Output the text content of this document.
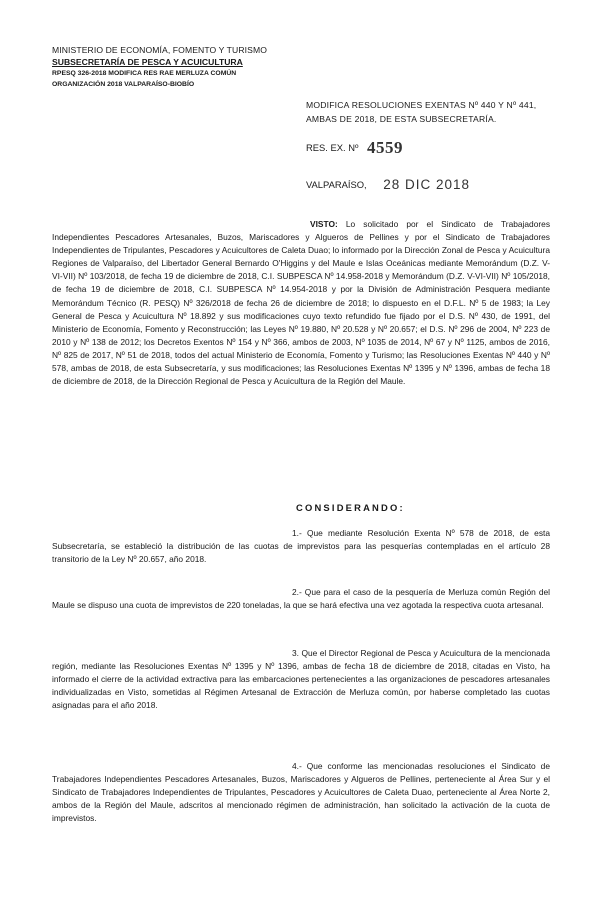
MINISTERIO DE ECONOMÍA, FOMENTO Y TURISMO
SUBSECRETARÍA DE PESCA Y ACUICULTURA
RPESQ 326-2018 MODIFICA RES RAE MERLUZA COMÚN
ORGANIZACIÓN 2018 VALPARAÍSO-BIOBÍO
MODIFICA RESOLUCIONES EXENTAS Nº 440 Y Nº 441, AMBAS DE 2018, DE ESTA SUBSECRETARÍA.
RES. EX. Nº 4559
VALPARAÍSO, 28 DIC 2018
VISTO: Lo solicitado por el Sindicato de Trabajadores Independientes Pescadores Artesanales, Buzos, Mariscadores y Algueros de Pellines y por el Sindicato de Trabajadores Independientes de Tripulantes, Pescadores y Acuicultores de Caleta Duao; lo informado por la Dirección Zonal de Pesca y Acuicultura Regiones de Valparaíso, del Libertador General Bernardo O'Higgins y del Maule e Islas Oceánicas mediante Memorándum (D.Z. V-VI-VII) Nº 103/2018, de fecha 19 de diciembre de 2018, C.I. SUBPESCA Nº 14.958-2018 y Memorándum (D.Z. V-VI-VII) Nº 105/2018, de fecha 19 de diciembre de 2018, C.I. SUBPESCA Nº 14.954-2018 y por la División de Administración Pesquera mediante Memorándum Técnico (R. PESQ) Nº 326/2018 de fecha 26 de diciembre de 2018; lo dispuesto en el D.F.L. Nº 5 de 1983; la Ley General de Pesca y Acuicultura Nº 18.892 y sus modificaciones cuyo texto refundido fue fijado por el D.S. Nº 430, de 1991, del Ministerio de Economía, Fomento y Reconstrucción; las Leyes Nº 19.880, Nº 20.528 y Nº 20.657; el D.S. Nº 296 de 2004, Nº 223 de 2010 y Nº 138 de 2012; los Decretos Exentos Nº 154 y Nº 366, ambos de 2003, Nº 1035 de 2014, Nº 67 y Nº 1125, ambos de 2016, Nº 825 de 2017, Nº 51 de 2018, todos del actual Ministerio de Economía, Fomento y Turismo; las Resoluciones Exentas Nº 440 y Nº 578, ambas de 2018, de esta Subsecretaría, y sus modificaciones; las Resoluciones Exentas Nº 1395 y Nº 1396, ambas de fecha 18 de diciembre de 2018, de la Dirección Regional de Pesca y Acuicultura de la Región del Maule.
CONSIDERANDO:
1.- Que mediante Resolución Exenta Nº 578 de 2018, de esta Subsecretaría, se estableció la distribución de las cuotas de imprevistos para las pesquerías contempladas en el artículo 28 transitorio de la Ley Nº 20.657, año 2018.
2.- Que para el caso de la pesquería de Merluza común Región del Maule se dispuso una cuota de imprevistos de 220 toneladas, la que se hará efectiva una vez agotada la respectiva cuota artesanal.
3. Que el Director Regional de Pesca y Acuicultura de la mencionada región, mediante las Resoluciones Exentas Nº 1395 y Nº 1396, ambas de fecha 18 de diciembre de 2018, citadas en Visto, ha informado el cierre de la actividad extractiva para las embarcaciones pertenecientes a las organizaciones de pescadores artesanales individualizadas en Visto, sometidas al Régimen Artesanal de Extracción de Merluza común, por haberse completado las cuotas asignadas para el año 2018.
4.- Que conforme las mencionadas resoluciones el Sindicato de Trabajadores Independientes Pescadores Artesanales, Buzos, Mariscadores y Algueros de Pellines, perteneciente al Área Sur y el Sindicato de Trabajadores Independientes de Tripulantes, Pescadores y Acuicultores de Caleta Duao, perteneciente al Área Norte 2, ambos de la Región del Maule, adscritos al mencionado régimen de administración, han solicitado la activación de la cuota de imprevistos.
